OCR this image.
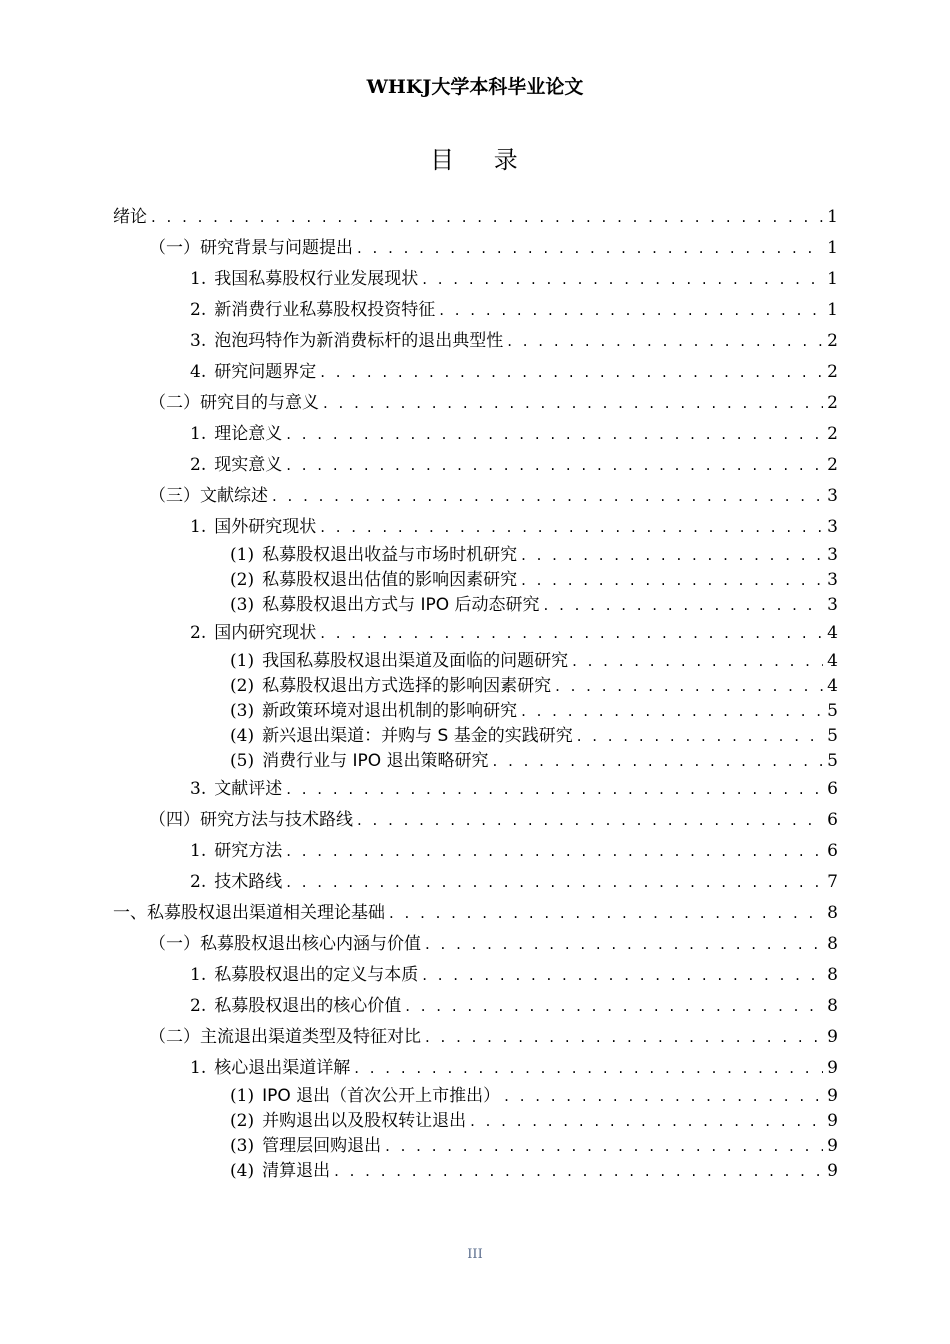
WHKJ大学本科毕业论文
目 录
绪论 . . .	1
（一）研究背景与问题提出 . . .	1
1. 我国私募股权行业发展现状 . . .	1
2. 新消费行业私募股权投资特征 . . .	1
3. 泡泡玛特作为新消费标杆的退出典型性 . . .	2
4. 研究问题界定 . . .	2
（二）研究目的与意义 . . .	2
1. 理论意义 . . .	2
2. 现实意义 . . .	2
（三）文献综述 . . .	3
1. 国外研究现状 . . .	3
(1) 私募股权退出收益与市场时机研究 . . .	3
(2) 私募股权退出估值的影响因素研究 . . .	3
(3) 私募股权退出方式与 IPO 后动态研究 . . .	3
2. 国内研究现状 . . .	4
(1) 我国私募股权退出渠道及面临的问题研究 . . .	4
(2) 私募股权退出方式选择的影响因素研究 . . .	4
(3) 新政策环境对退出机制的影响研究 . . .	5
(4) 新兴退出渠道：并购与 S 基金的实践研究 . . .	5
(5) 消费行业与 IPO 退出策略研究 . . .	5
3. 文献评述 . . .	6
（四）研究方法与技术路线 . . .	6
1. 研究方法 . . .	6
2. 技术路线 . . .	7
一、私募股权退出渠道相关理论基础 . . .	8
（一）私募股权退出核心内涵与价值 . . .	8
1. 私募股权退出的定义与本质 . . .	8
2. 私募股权退出的核心价值 . . .	8
（二）主流退出渠道类型及特征对比 . . .	9
1. 核心退出渠道详解 . . .	9
(1) IPO 退出（首次公开上市推出） . . .	9
(2) 并购退出以及股权转让退出 . . .	9
(3) 管理层回购退出 . . .	9
(4) 清算退出 . . .	9
III
